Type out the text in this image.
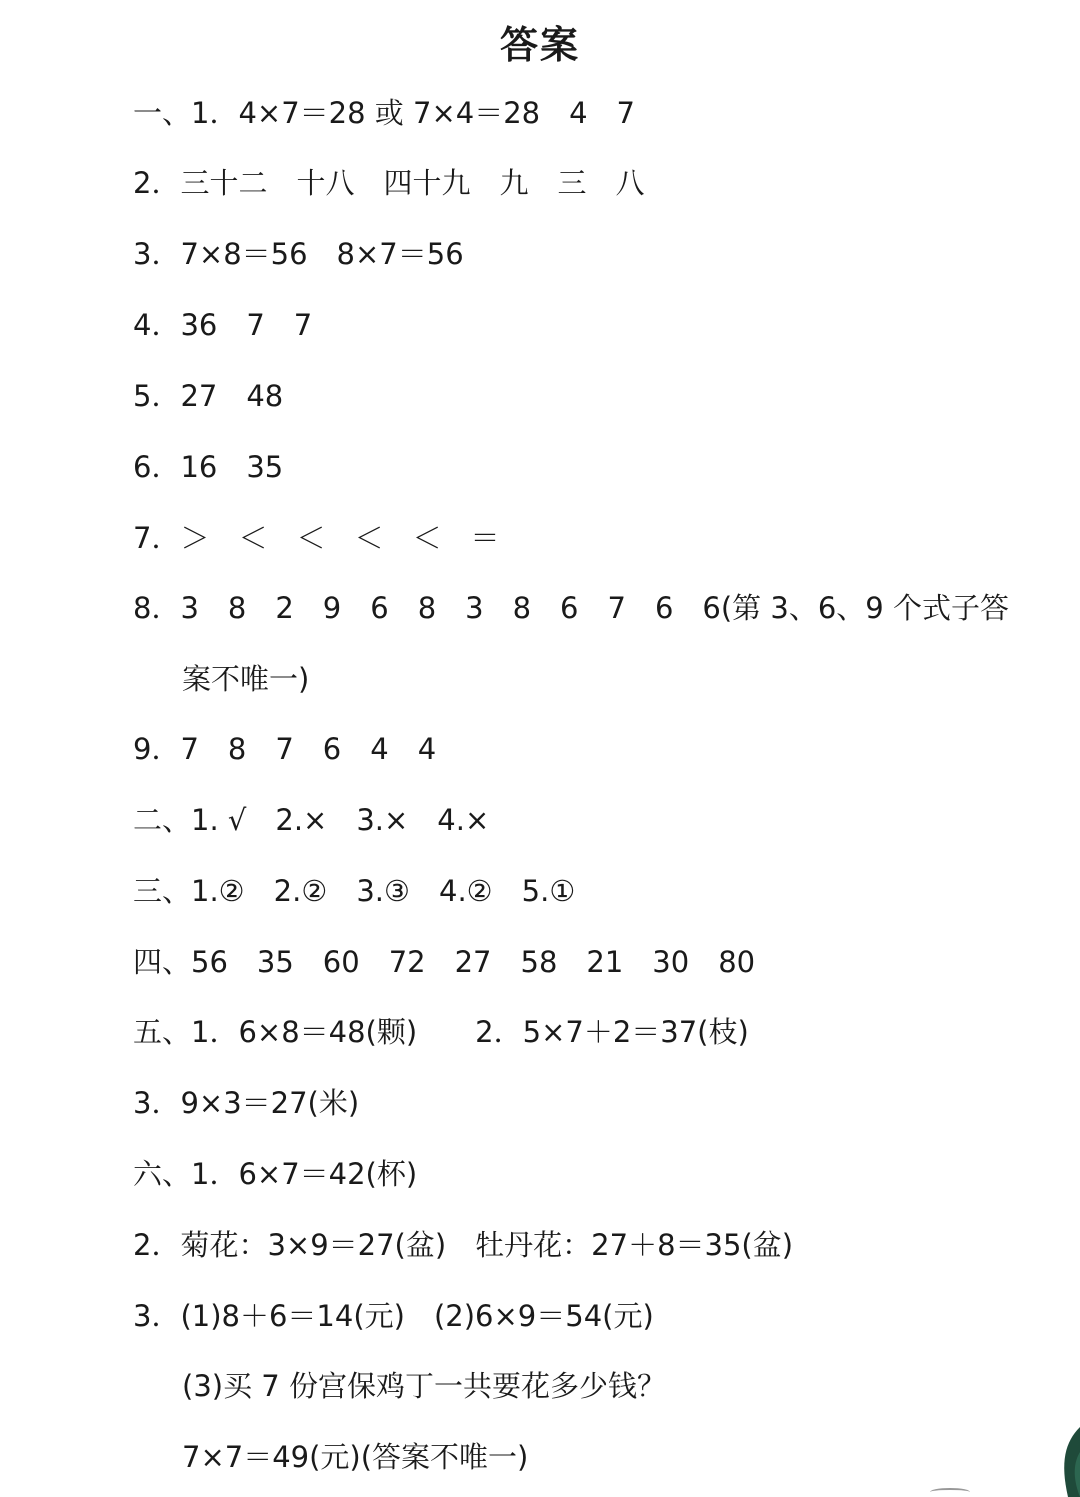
答案
一、1．4×7＝28 或 7×4＝28　4　7
2．三十二　十八　四十九　九　三　八
3．7×8＝56　8×7＝56
4．36　7　7
5．27　48
6．16　35
7．＞　＜　＜　＜　＜　＝
8．3　8　2　9　6　8　3　8　6　7　6　6(第 3、6、9 个式子答
案不唯一)
9．7　8　7　6　4　4
二、1. √　2.×　3.×　4.×
三、1.②　2.②　3.③　4.②　5.①
四、56　35　60　72　27　58　21　30　80
五、1．6×8＝48(颗)　　2．5×7＋2＝37(枝)
3．9×3＝27(米)
六、1．6×7＝42(杯)
2．菊花：3×9＝27(盆)　牡丹花：27＋8＝35(盆)
3．(1)8＋6＝14(元)　(2)6×9＝54(元)
(3)买 7 份宫保鸡丁一共要花多少钱？
7×7＝49(元)(答案不唯一)
